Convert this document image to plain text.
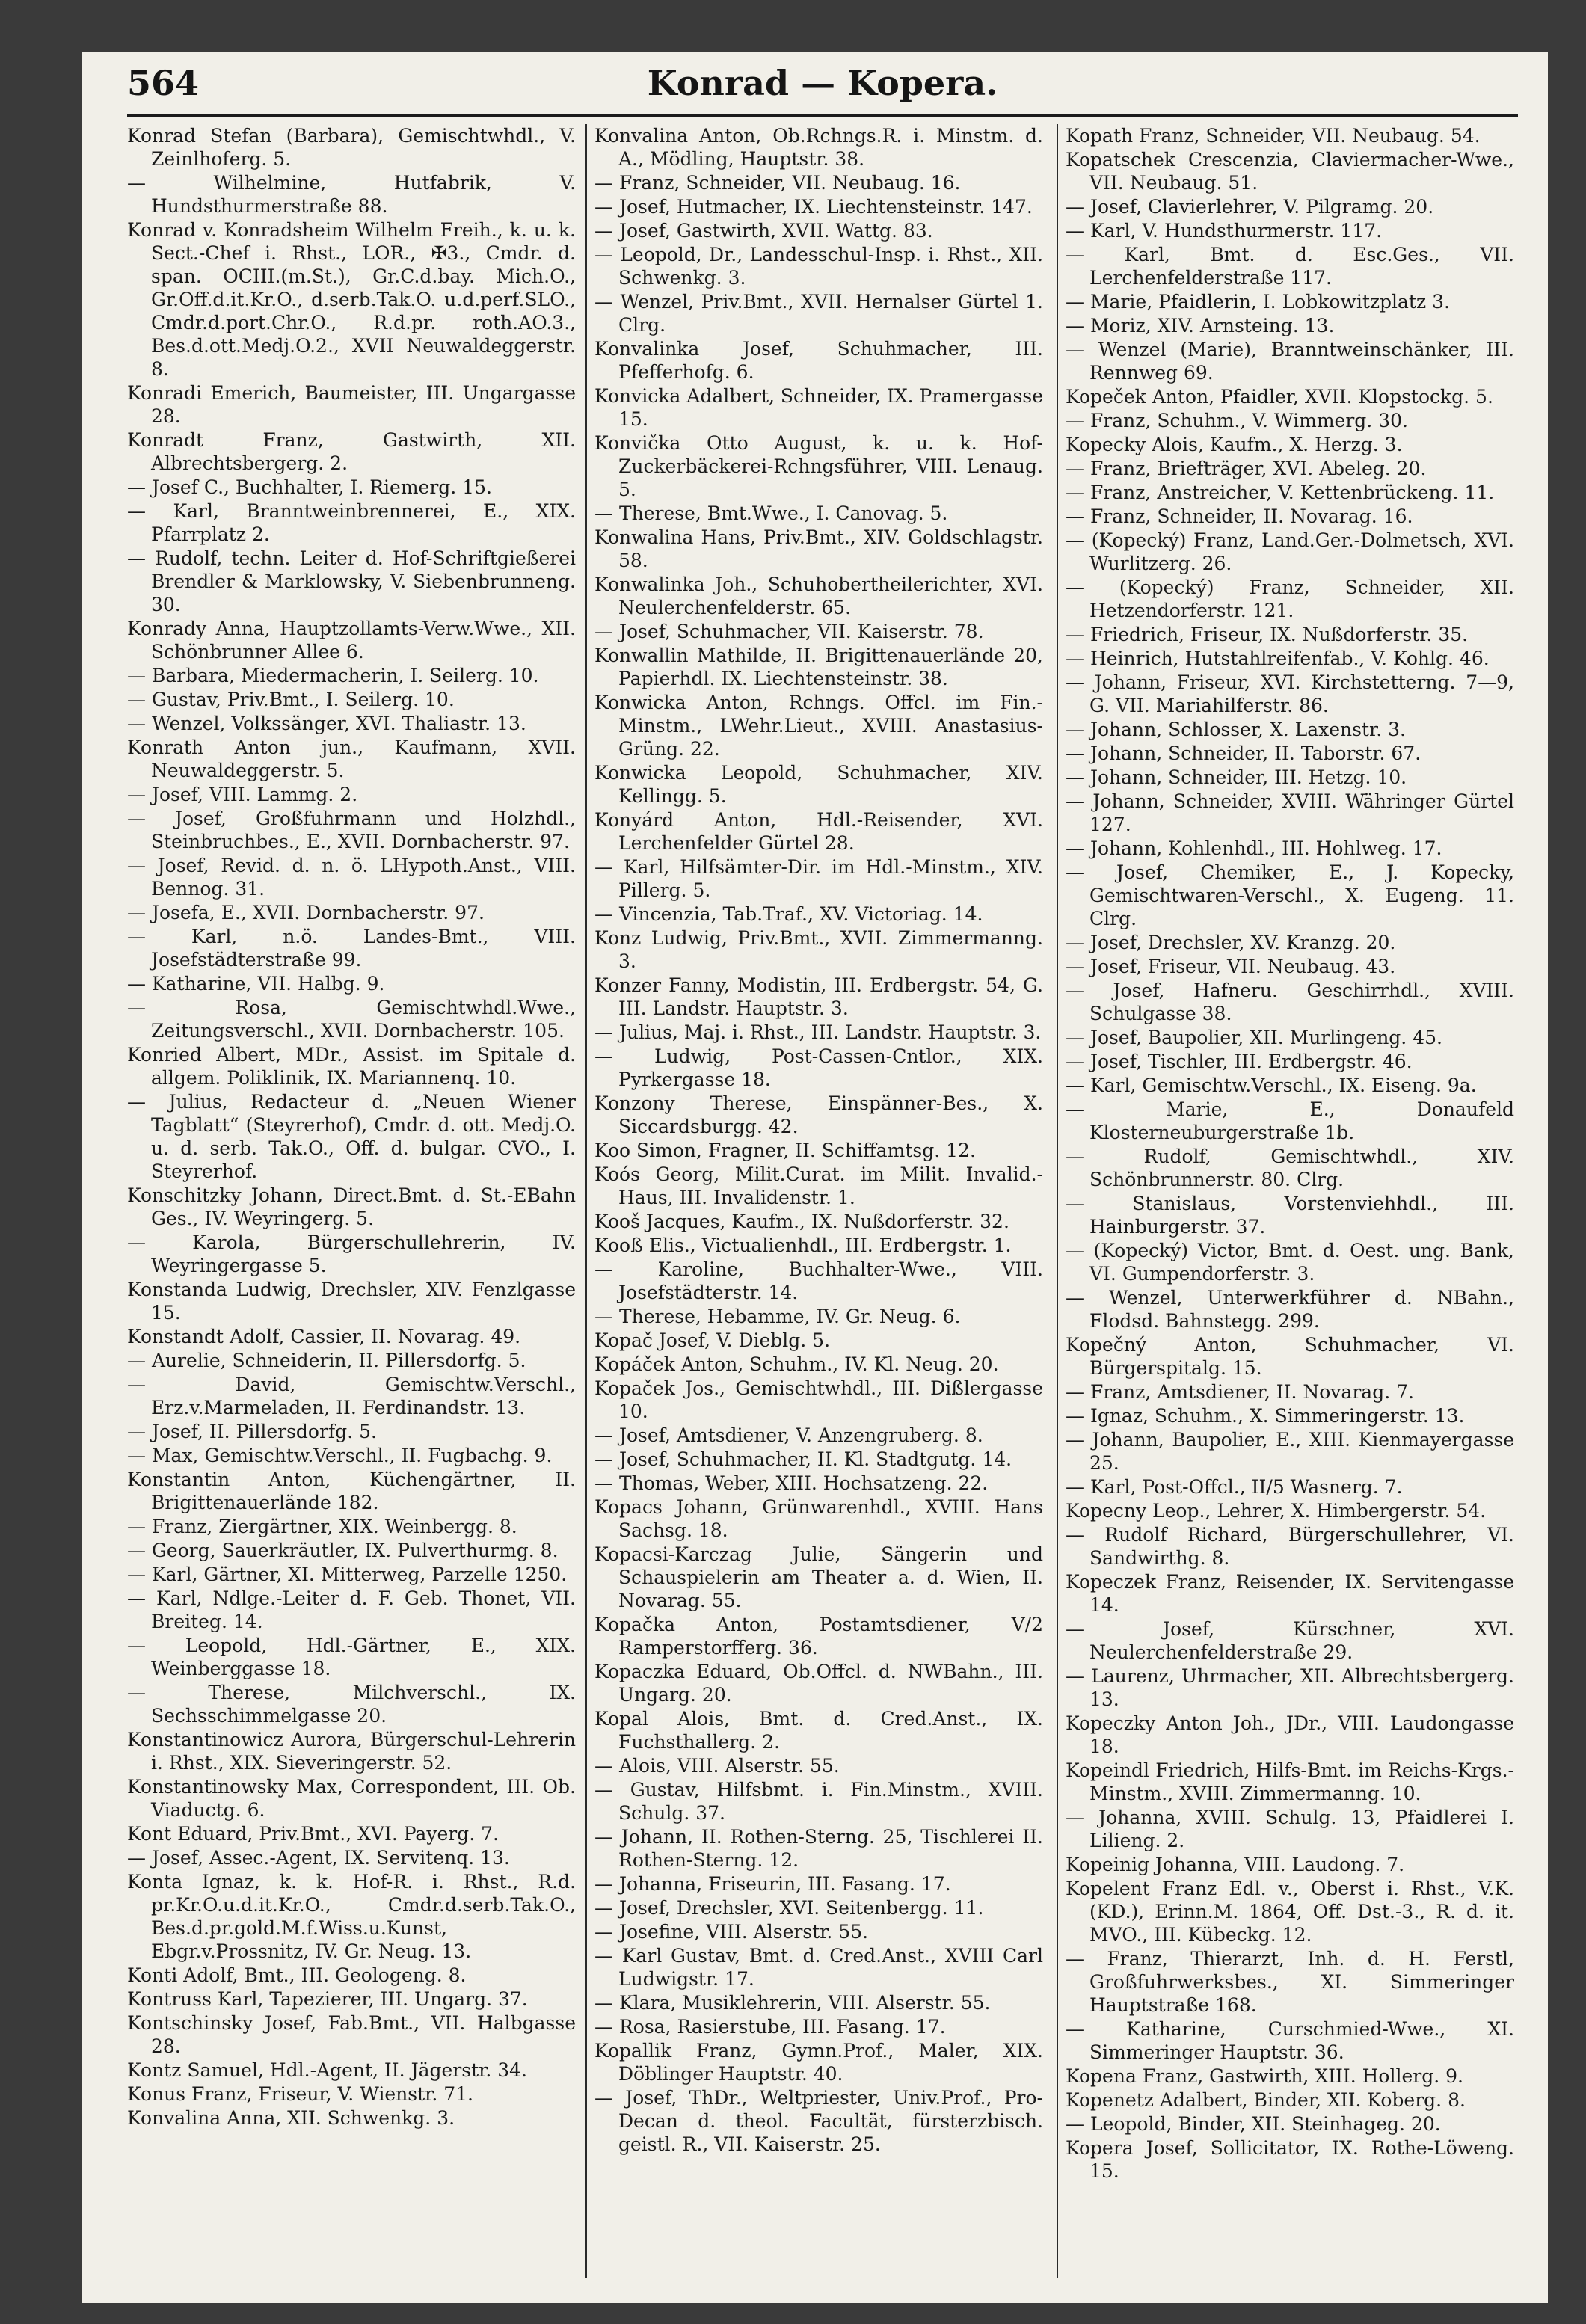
564	Konrad — Kopera.

Konrad Stefan (Barbara), Gemischtwhdl., V. Zeinlhoferg. 5.

— Wilhelmine, Hutfabrik, V. Hundsthurmerstraße 88.

Konrad v. Konradsheim Wilhelm Freih., k. u. k. Sect.-Chef i. Rhst., LOR., ✠3., Cmdr. d. span. OCIII.(m.St.), Gr.C.d.bay. Mich.O., Gr.Off.d.it.Kr.O., d.serb.Tak.O. u.d.perf.SLO., Cmdr.d.port.Chr.O., R.d.pr. roth.AO.3., Bes.d.ott.Medj.O.2., XVII Neuwaldeggerstr. 8.

Konradi Emerich, Baumeister, III. Ungargasse 28.

Konradt Franz, Gastwirth, XII. Albrechtsbergerg. 2.

— Josef C., Buchhalter, I. Riemerg. 15.

— Karl, Branntweinbrennerei, E., XIX. Pfarrplatz 2.

— Rudolf, techn. Leiter d. Hof-Schriftgießerei Brendler & Marklowsky, V. Siebenbrunneng. 30.

Konrady Anna, Hauptzollamts-Verw.Wwe., XII. Schönbrunner Allee 6.

— Barbara, Miedermacherin, I. Seilerg. 10.

— Gustav, Priv.Bmt., I. Seilerg. 10.

— Wenzel, Volkssänger, XVI. Thaliastr. 13.

Konrath Anton jun., Kaufmann, XVII. Neuwaldeggerstr. 5.

— Josef, VIII. Lammg. 2.

— Josef, Großfuhrmann und Holzhdl., Steinbruchbes., E., XVII. Dornbacherstr. 97.

— Josef, Revid. d. n. ö. LHypoth.Anst., VIII. Bennog. 31.

— Josefa, E., XVII. Dornbacherstr. 97.

— Karl, n.ö. Landes-Bmt., VIII. Josefstädterstraße 99.

— Katharine, VII. Halbg. 9.

— Rosa, Gemischtwhdl.Wwe., Zeitungsverschl., XVII. Dornbacherstr. 105.

Konried Albert, MDr., Assist. im Spitale d. allgem. Poliklinik, IX. Mariannenq. 10.

— Julius, Redacteur d. „Neuen Wiener Tagblatt“ (Steyrerhof), Cmdr. d. ott. Medj.O. u. d. serb. Tak.O., Off. d. bulgar. CVO., I. Steyrerhof.

Konschitzky Johann, Direct.Bmt. d. St.-EBahn Ges., IV. Weyringerg. 5.

— Karola, Bürgerschullehrerin, IV. Weyringergasse 5.

Konstanda Ludwig, Drechsler, XIV. Fenzlgasse 15.

Konstandt Adolf, Cassier, II. Novarag. 49.

— Aurelie, Schneiderin, II. Pillersdorfg. 5.

— David, Gemischtw.Verschl., Erz.v.Marmeladen, II. Ferdinandstr. 13.

— Josef, II. Pillersdorfg. 5.

— Max, Gemischtw.Verschl., II. Fugbachg. 9.

Konstantin Anton, Küchengärtner, II. Brigittenauerlände 182.

— Franz, Ziergärtner, XIX. Weinbergg. 8.

— Georg, Sauerkräutler, IX. Pulverthurmg. 8.

— Karl, Gärtner, XI. Mitterweg, Parzelle 1250.

— Karl, Ndlge.-Leiter d. F. Geb. Thonet, VII. Breiteg. 14.

— Leopold, Hdl.-Gärtner, E., XIX. Weinberggasse 18.

— Therese, Milchverschl., IX. Sechsschimmelgasse 20.

Konstantinowicz Aurora, Bürgerschul-Lehrerin i. Rhst., XIX. Sieveringerstr. 52.

Konstantinowsky Max, Correspondent, III. Ob. Viaductg. 6.

Kont Eduard, Priv.Bmt., XVI. Payerg. 7.

— Josef, Assec.-Agent, IX. Servitenq. 13.

Konta Ignaz, k. k. Hof-R. i. Rhst., R.d. pr.Kr.O.u.d.it.Kr.O., Cmdr.d.serb.Tak.O., Bes.d.pr.gold.M.f.Wiss.u.Kunst, Ebgr.v.Prossnitz, IV. Gr. Neug. 13.

Konti Adolf, Bmt., III. Geologeng. 8.

Kontruss Karl, Tapezierer, III. Ungarg. 37.

Kontschinsky Josef, Fab.Bmt., VII. Halbgasse 28.

Kontz Samuel, Hdl.-Agent, II. Jägerstr. 34.

Konus Franz, Friseur, V. Wienstr. 71.

Konvalina Anna, XII. Schwenkg. 3.

Konvalina Anton, Ob.Rchngs.R. i. Minstm. d. A., Mödling, Hauptstr. 38.

— Franz, Schneider, VII. Neubaug. 16.

— Josef, Hutmacher, IX. Liechtensteinstr. 147.

— Josef, Gastwirth, XVII. Wattg. 83.

— Leopold, Dr., Landesschul-Insp. i. Rhst., XII. Schwenkg. 3.

— Wenzel, Priv.Bmt., XVII. Hernalser Gürtel 1. Clrg.

Konvalinka Josef, Schuhmacher, III. Pfefferhofg. 6.

Konvicka Adalbert, Schneider, IX. Pramergasse 15.

Konvička Otto August, k. u. k. Hof-Zuckerbäckerei-Rchngsführer, VIII. Lenaug. 5.

— Therese, Bmt.Wwe., I. Canovag. 5.

Konwalina Hans, Priv.Bmt., XIV. Goldschlagstr. 58.

Konwalinka Joh., Schuhobertheilerichter, XVI. Neulerchenfelderstr. 65.

— Josef, Schuhmacher, VII. Kaiserstr. 78.

Konwallin Mathilde, II. Brigittenauerlände 20, Papierhdl. IX. Liechtensteinstr. 38.

Konwicka Anton, Rchngs. Offcl. im Fin.-Minstm., LWehr.Lieut., XVIII. Anastasius-Grüng. 22.

Konwicka Leopold, Schuhmacher, XIV. Kellingg. 5.

Konyárd Anton, Hdl.-Reisender, XVI. Lerchenfelder Gürtel 28.

— Karl, Hilfsämter-Dir. im Hdl.-Minstm., XIV. Pillerg. 5.

— Vincenzia, Tab.Traf., XV. Victoriag. 14.

Konz Ludwig, Priv.Bmt., XVII. Zimmermanng. 3.

Konzer Fanny, Modistin, III. Erdbergstr. 54, G. III. Landstr. Hauptstr. 3.

— Julius, Maj. i. Rhst., III. Landstr. Hauptstr. 3.

— Ludwig, Post-Cassen-Cntlor., XIX. Pyrkergasse 18.

Konzony Therese, Einspänner-Bes., X. Siccardsburgg. 42.

Koo Simon, Fragner, II. Schiffamtsg. 12.

Koós Georg, Milit.Curat. im Milit. Invalid.-Haus, III. Invalidenstr. 1.

Kooš Jacques, Kaufm., IX. Nußdorferstr. 32.

Kooß Elis., Victualienhdl., III. Erdbergstr. 1.

— Karoline, Buchhalter-Wwe., VIII. Josefstädterstr. 14.

— Therese, Hebamme, IV. Gr. Neug. 6.

Kopač Josef, V. Dieblg. 5.

Kopáček Anton, Schuhm., IV. Kl. Neug. 20.

Kopaček Jos., Gemischtwhdl., III. Dißlergasse 10.

— Josef, Amtsdiener, V. Anzengruberg. 8.

— Josef, Schuhmacher, II. Kl. Stadtgutg. 14.

— Thomas, Weber, XIII. Hochsatzeng. 22.

Kopacs Johann, Grünwarenhdl., XVIII. Hans Sachsg. 18.

Kopacsi-Karczag Julie, Sängerin und Schauspielerin am Theater a. d. Wien, II. Novarag. 55.

Kopačka Anton, Postamtsdiener, V/2 Ramperstorfferg. 36.

Kopaczka Eduard, Ob.Offcl. d. NWBahn., III. Ungarg. 20.

Kopal Alois, Bmt. d. Cred.Anst., IX. Fuchsthallerg. 2.

— Alois, VIII. Alserstr. 55.

— Gustav, Hilfsbmt. i. Fin.Minstm., XVIII. Schulg. 37.

— Johann, II. Rothen-Sterng. 25, Tischlerei II. Rothen-Sterng. 12.

— Johanna, Friseurin, III. Fasang. 17.

— Josef, Drechsler, XVI. Seitenbergg. 11.

— Josefine, VIII. Alserstr. 55.

— Karl Gustav, Bmt. d. Cred.Anst., XVIII Carl Ludwigstr. 17.

— Klara, Musiklehrerin, VIII. Alserstr. 55.

— Rosa, Rasierstube, III. Fasang. 17.

Kopallik Franz, Gymn.Prof., Maler, XIX. Döblinger Hauptstr. 40.

— Josef, ThDr., Weltpriester, Univ.Prof., Pro-Decan d. theol. Facultät, fürsterzbisch. geistl. R., VII. Kaiserstr. 25.

Kopath Franz, Schneider, VII. Neubaug. 54.

Kopatschek Crescenzia, Claviermacher-Wwe., VII. Neubaug. 51.

— Josef, Clavierlehrer, V. Pilgramg. 20.

— Karl, V. Hundsthurmerstr. 117.

— Karl, Bmt. d. Esc.Ges., VII. Lerchenfelderstraße 117.

— Marie, Pfaidlerin, I. Lobkowitzplatz 3.

— Moriz, XIV. Arnsteing. 13.

— Wenzel (Marie), Branntweinschänker, III. Rennweg 69.

Kopeček Anton, Pfaidler, XVII. Klopstockg. 5.

— Franz, Schuhm., V. Wimmerg. 30.

Kopecky Alois, Kaufm., X. Herzg. 3.

— Franz, Briefträger, XVI. Abeleg. 20.

— Franz, Anstreicher, V. Kettenbrückeng. 11.

— Franz, Schneider, II. Novarag. 16.

— (Kopecký) Franz, Land.Ger.-Dolmetsch, XVI. Wurlitzerg. 26.

— (Kopecký) Franz, Schneider, XII. Hetzendorferstr. 121.

— Friedrich, Friseur, IX. Nußdorferstr. 35.

— Heinrich, Hutstahlreifenfab., V. Kohlg. 46.

— Johann, Friseur, XVI. Kirchstetterng. 7—9, G. VII. Mariahilferstr. 86.

— Johann, Schlosser, X. Laxenstr. 3.

— Johann, Schneider, II. Taborstr. 67.

— Johann, Schneider, III. Hetzg. 10.

— Johann, Schneider, XVIII. Währinger Gürtel 127.

— Johann, Kohlenhdl., III. Hohlweg. 17.

— Josef, Chemiker, E., J. Kopecky, Gemischtwaren-Verschl., X. Eugeng. 11. Clrg.

— Josef, Drechsler, XV. Kranzg. 20.

— Josef, Friseur, VII. Neubaug. 43.

— Josef, Hafneru. Geschirrhdl., XVIII. Schulgasse 38.

— Josef, Baupolier, XII. Murlingeng. 45.

— Josef, Tischler, III. Erdbergstr. 46.

— Karl, Gemischtw.Verschl., IX. Eiseng. 9a.

— Marie, E., Donaufeld Klosterneuburgerstraße 1b.

— Rudolf, Gemischtwhdl., XIV. Schönbrunnerstr. 80. Clrg.

— Stanislaus, Vorstenviehhdl., III. Hainburgerstr. 37.

— (Kopecký) Victor, Bmt. d. Oest. ung. Bank, VI. Gumpendorferstr. 3.

— Wenzel, Unterwerkführer d. NBahn., Flodsd. Bahnstegg. 299.

Kopečný Anton, Schuhmacher, VI. Bürgerspitalg. 15.

— Franz, Amtsdiener, II. Novarag. 7.

— Ignaz, Schuhm., X. Simmeringerstr. 13.

— Johann, Baupolier, E., XIII. Kienmayergasse 25.

— Karl, Post-Offcl., II/5 Wasnerg. 7.

Kopecny Leop., Lehrer, X. Himbergerstr. 54.

— Rudolf Richard, Bürgerschullehrer, VI. Sandwirthg. 8.

Kopeczek Franz, Reisender, IX. Servitengasse 14.

— Josef, Kürschner, XVI. Neulerchenfelderstraße 29.

— Laurenz, Uhrmacher, XII. Albrechtsbergerg. 13.

Kopeczky Anton Joh., JDr., VIII. Laudongasse 18.

Kopeindl Friedrich, Hilfs-Bmt. im Reichs-Krgs.-Minstm., XVIII. Zimmermanng. 10.

— Johanna, XVIII. Schulg. 13, Pfaidlerei I. Lilieng. 2.

Kopeinig Johanna, VIII. Laudong. 7.

Kopelent Franz Edl. v., Oberst i. Rhst., V.K.(KD.), Erinn.M. 1864, Off. Dst.-3., R. d. it. MVO., III. Kübeckg. 12.

— Franz, Thierarzt, Inh. d. H. Ferstl, Großfuhrwerksbes., XI. Simmeringer Hauptstraße 168.

— Katharine, Curschmied-Wwe., XI. Simmeringer Hauptstr. 36.

Kopena Franz, Gastwirth, XIII. Hollerg. 9.

Kopenetz Adalbert, Binder, XII. Koberg. 8.

— Leopold, Binder, XII. Steinhageg. 20.

Kopera Josef, Sollicitator, IX. Rothe-Löweng. 15.
